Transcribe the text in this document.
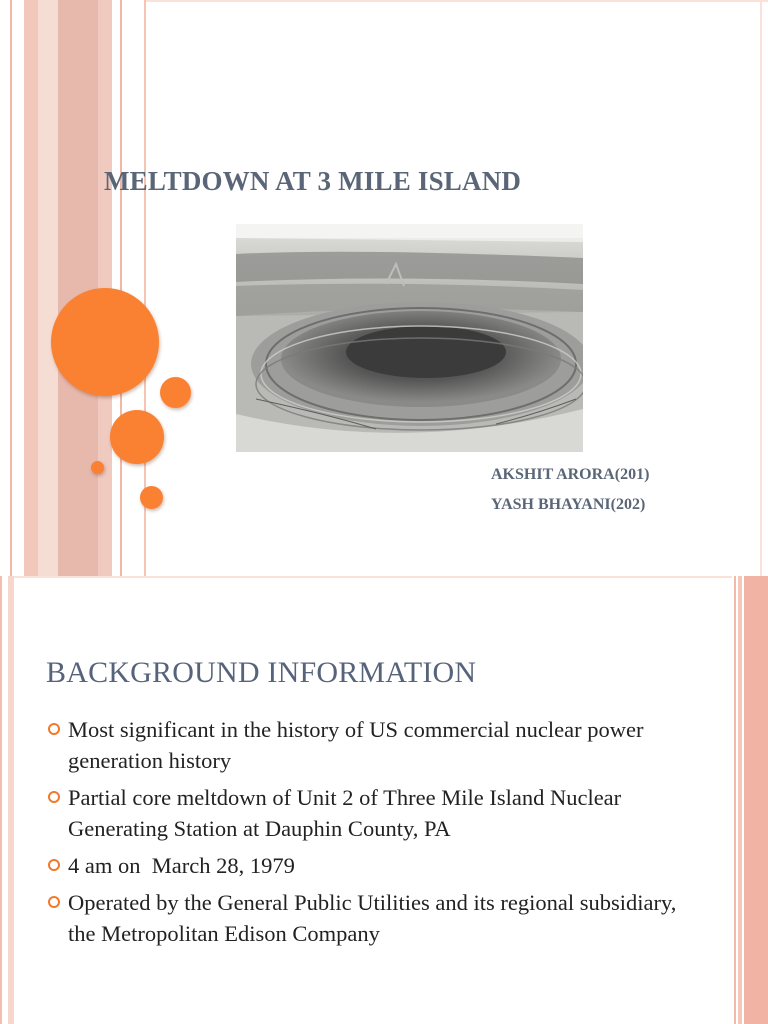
MELTDOWN AT 3 MILE ISLAND
AKSHIT ARORA(201)
YASH BHAYANI(202)
BACKGROUND INFORMATION
Most significant in the history of US commercial nuclear power generation history
Partial core meltdown of Unit 2 of Three Mile Island Nuclear Generating Station at Dauphin County, PA
4 am on  March 28, 1979
Operated by the General Public Utilities and its regional subsidiary, the Metropolitan Edison Company
